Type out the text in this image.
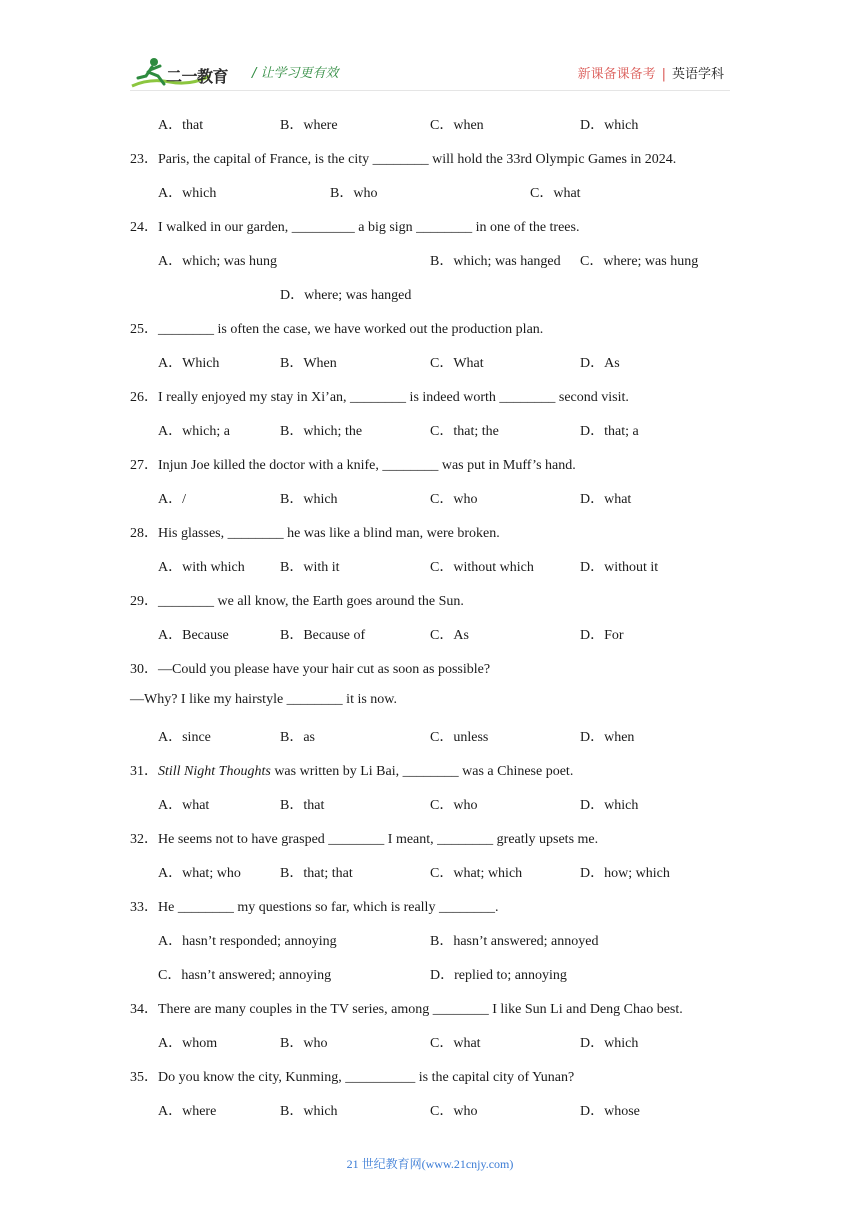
二一教育 / 让学习更有效	新课备课备考 | 英语学科
A．that	B．where	C．when	D．which
23．Paris, the capital of France, is the city ________ will hold the 33rd Olympic Games in 2024.
A．which	B．who	C．what
24．I walked in our garden, _________ a big sign ________ in one of the trees.
A．which; was hung	B．which; was hanged C．where; was hung
D．where; was hanged
25．________ is often the case, we have worked out the production plan.
A．Which	B．When	C．What	D．As
26．I really enjoyed my stay in Xi’an, ________ is indeed worth ________ second visit.
A．which; a	B．which; the	C．that; the	D．that; a
27．Injun Joe killed the doctor with a knife, ________ was put in Muff’s hand.
A．/	B．which	C．who	D．what
28．His glasses, ________ he was like a blind man, were broken.
A．with which	B．with it	C．without which	D．without it
29．________ we all know, the Earth goes around the Sun.
A．Because	B．Because of	C．As	D．For
30．—Could you please have your hair cut as soon as possible?
—Why? I like my hairstyle ________ it is now.
A．since	B．as	C．unless	D．when
31．Still Night Thoughts was written by Li Bai, ________ was a Chinese poet.
A．what	B．that	C．who	D．which
32．He seems not to have grasped ________ I meant, ________ greatly upsets me.
A．what; who	B．that; that	C．what; which	D．how; which
33．He ________ my questions so far, which is really ________.
A．hasn’t responded; annoying	B．hasn’t answered; annoyed
C．hasn’t answered; annoying	D．replied to; annoying
34．There are many couples in the TV series, among ________ I like Sun Li and Deng Chao best.
A．whom	B．who	C．what	D．which
35．Do you know the city, Kunming, __________ is the capital city of Yunan?
A．where	B．which	C．who	D．whose
21 世纪教育网(www.21cnjy.com)
